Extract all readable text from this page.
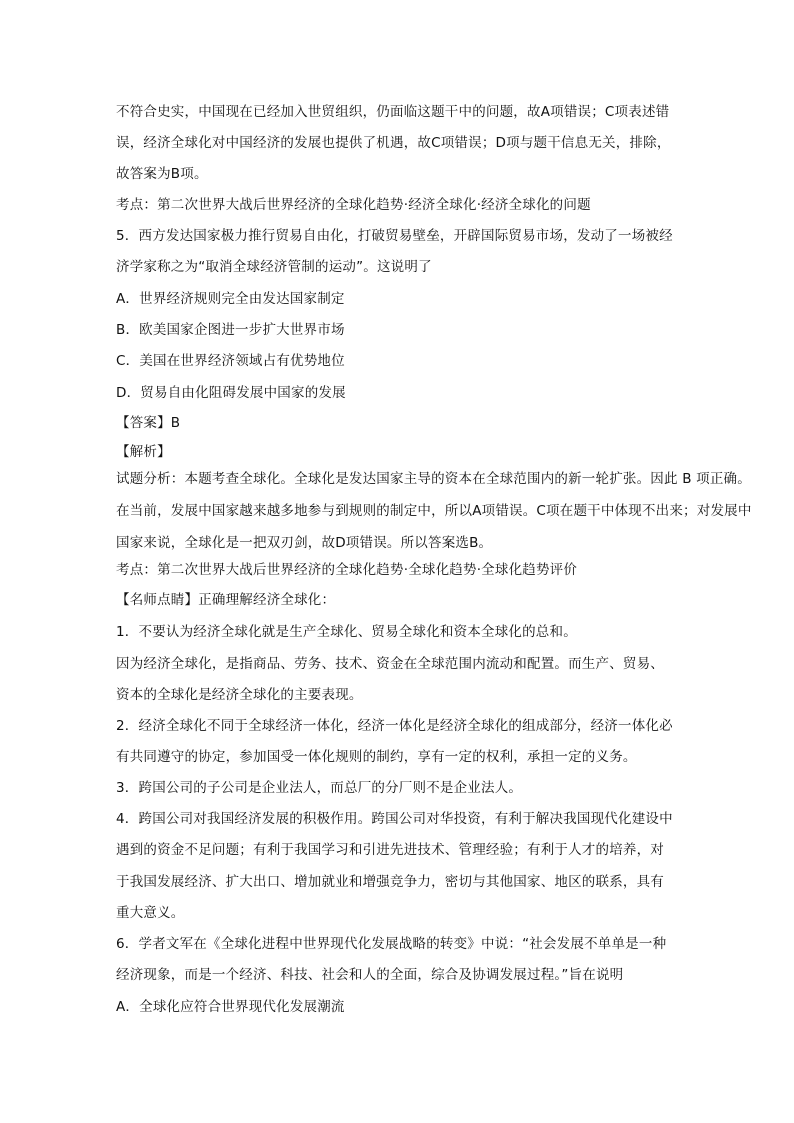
不符合史实，中国现在已经加入世贸组织，仍面临这题干中的问题，故A项错误；C项表述错
误，经济全球化对中国经济的发展也提供了机遇，故C项错误；D项与题干信息无关，排除，
故答案为B项。
考点：第二次世界大战后世界经济的全球化趋势·经济全球化·经济全球化的问题
5．西方发达国家极力推行贸易自由化，打破贸易壁垒，开辟国际贸易市场，发动了一场被经
济学家称之为“取消全球经济管制的运动”。这说明了
A．世界经济规则完全由发达国家制定
B．欧美国家企图进一步扩大世界市场
C．美国在世界经济领域占有优势地位
D．贸易自由化阻碍发展中国家的发展
【答案】B
【解析】
试题分析：本题考查全球化。全球化是发达国家主导的资本在全球范围内的新一轮扩张。因此 B 项正确。
在当前，发展中国家越来越多地参与到规则的制定中，所以A项错误。C项在题干中体现不出来；对发展中
国家来说，全球化是一把双刃剑，故D项错误。所以答案选B。
考点：第二次世界大战后世界经济的全球化趋势·全球化趋势·全球化趋势评价
【名师点睛】正确理解经济全球化：
1．不要认为经济全球化就是生产全球化、贸易全球化和资本全球化的总和。
因为经济全球化，是指商品、劳务、技术、资金在全球范围内流动和配置。而生产、贸易、
资本的全球化是经济全球化的主要表现。
2．经济全球化不同于全球经济一体化，经济一体化是经济全球化的组成部分，经济一体化必
有共同遵守的协定，参加国受一体化规则的制约，享有一定的权利，承担一定的义务。
3．跨国公司的子公司是企业法人，而总厂的分厂则不是企业法人。
4．跨国公司对我国经济发展的积极作用。跨国公司对华投资，有利于解决我国现代化建设中
遇到的资金不足问题；有利于我国学习和引进先进技术、管理经验；有利于人才的培养，对
于我国发展经济、扩大出口、增加就业和增强竞争力，密切与其他国家、地区的联系，具有
重大意义。
6．学者文军在《全球化进程中世界现代化发展战略的转变》中说：“社会发展不单单是一种
经济现象，而是一个经济、科技、社会和人的全面，综合及协调发展过程。”旨在说明
A．全球化应符合世界现代化发展潮流
